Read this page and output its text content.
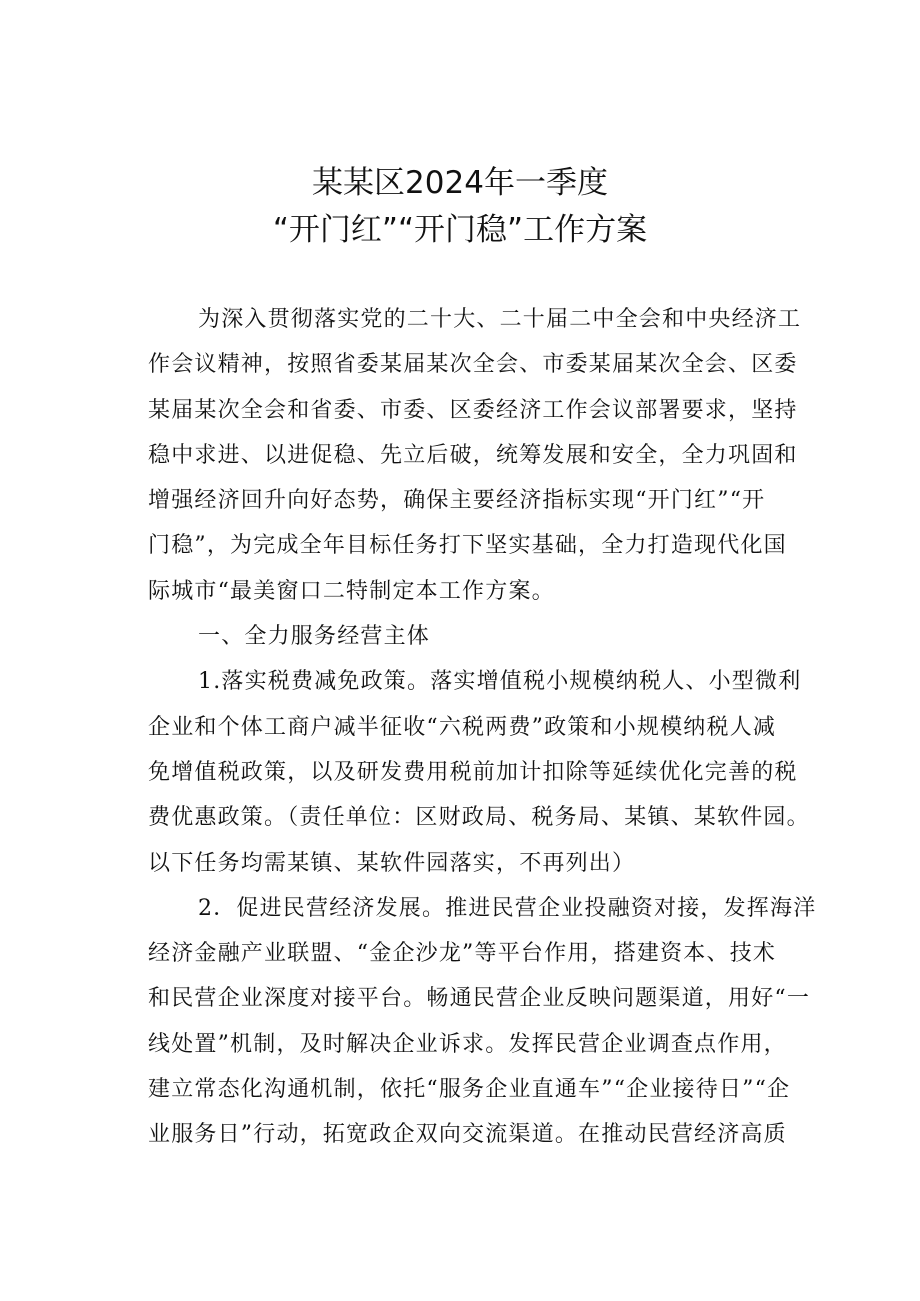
某某区2024年一季度
“开门红”“开门稳”工作方案
为深入贯彻落实党的二十大、二十届二中全会和中央经济工
作会议精神，按照省委某届某次全会、市委某届某次全会、区委
某届某次全会和省委、市委、区委经济工作会议部署要求，坚持
稳中求进、以进促稳、先立后破，统筹发展和安全，全力巩固和
增强经济回升向好态势，确保主要经济指标实现“开门红”“开
门稳”，为完成全年目标任务打下坚实基础，全力打造现代化国
际城市“最美窗口二特制定本工作方案。
一、全力服务经营主体
1.落实税费减免政策。落实增值税小规模纳税人、小型微利
企业和个体工商户减半征收“六税两费”政策和小规模纳税人减
免增值税政策，以及研发费用税前加计扣除等延续优化完善的税
费优惠政策。（责任单位：区财政局、税务局、某镇、某软件园。
以下任务均需某镇、某软件园落实，不再列出）
2．促进民营经济发展。推进民营企业投融资对接，发挥海洋
经济金融产业联盟、“金企沙龙”等平台作用，搭建资本、技术
和民营企业深度对接平台。畅通民营企业反映问题渠道，用好“一
线处置”机制，及时解决企业诉求。发挥民营企业调查点作用，
建立常态化沟通机制，依托“服务企业直通车”“企业接待日”“企
业服务日”行动，拓宽政企双向交流渠道。在推动民营经济高质
